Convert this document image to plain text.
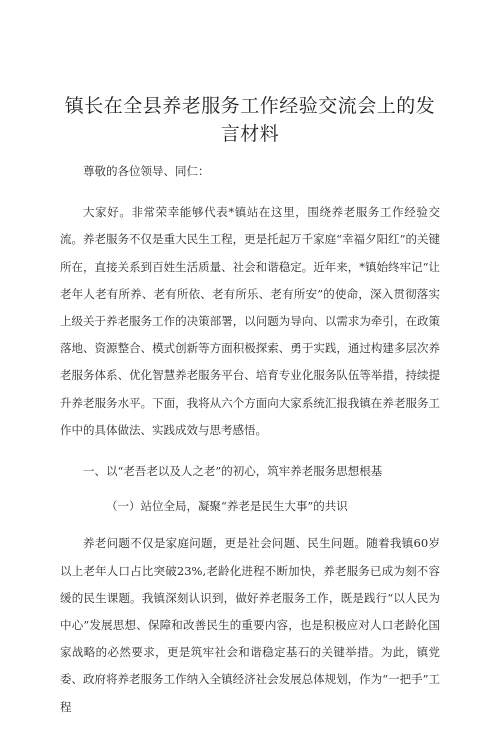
镇长在全县养老服务工作经验交流会上的发言材料

尊敬的各位领导、同仁：

大家好。非常荣幸能够代表*镇站在这里，围绕养老服务工作经验交流。养老服务不仅是重大民生工程，更是托起万千家庭“幸福夕阳红”的关键所在，直接关系到百姓生活质量、社会和谐稳定。近年来，*镇始终牢记“让老年人老有所养、老有所依、老有所乐、老有所安”的使命，深入贯彻落实上级关于养老服务工作的决策部署，以问题为导向、以需求为牵引，在政策落地、资源整合、模式创新等方面积极探索、勇于实践，通过构建多层次养老服务体系、优化智慧养老服务平台、培育专业化服务队伍等举措，持续提升养老服务水平。下面，我将从六个方面向大家系统汇报我镇在养老服务工作中的具体做法、实践成效与思考感悟。

一、以“老吾老以及人之老”的初心，筑牢养老服务思想根基

（一）站位全局，凝聚“养老是民生大事”的共识

养老问题不仅是家庭问题，更是社会问题、民生问题。随着我镇60岁以上老年人口占比突破23%,老龄化进程不断加快，养老服务已成为刻不容缓的民生课题。我镇深刻认识到，做好养老服务工作，既是践行“以人民为中心”发展思想、保障和改善民生的重要内容，也是积极应对人口老龄化国家战略的必然要求，更是筑牢社会和谐稳定基石的关键举措。为此，镇党委、政府将养老服务工作纳入全镇经济社会发展总体规划，作为“一把手”工程
